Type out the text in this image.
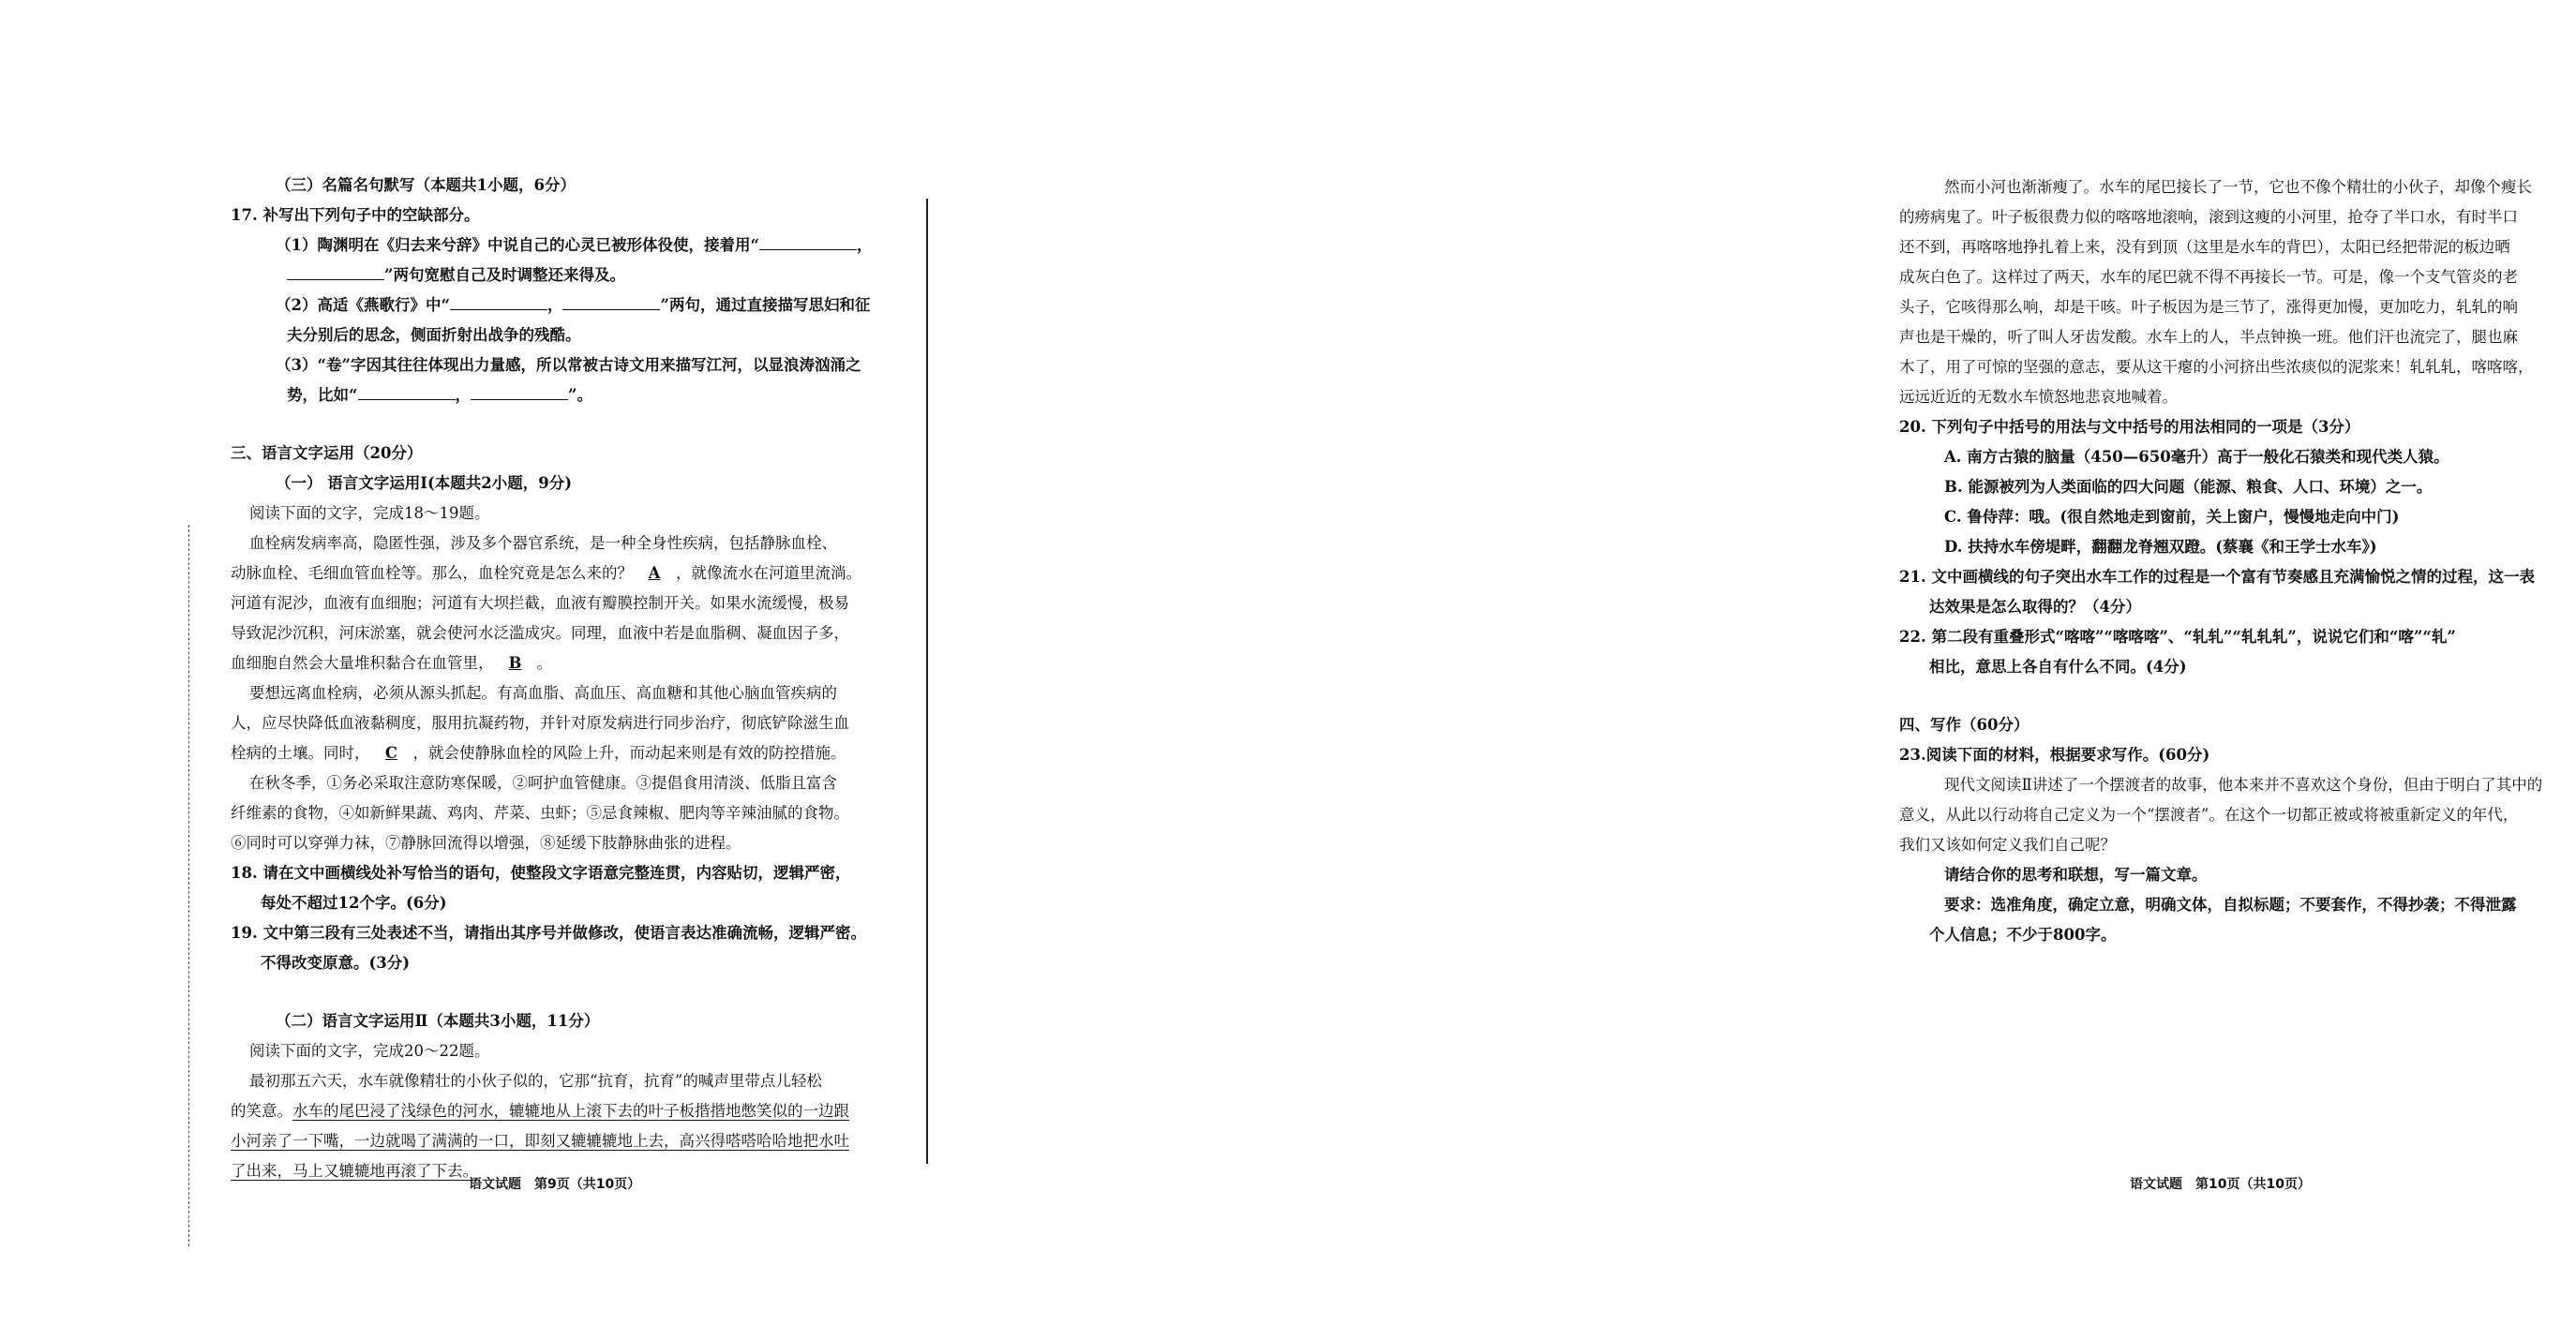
（三）名篇名句默写（本题共1小题，6分）
17. 补写出下列句子中的空缺部分。
（1）陶渊明在《归去来兮辞》中说自己的心灵已被形体役使，接着用“	，
”两句宽慰自己及时调整还来得及。
（2）高适《燕歌行》中“	，	”两句，通过直接描写思妇和征
夫分别后的思念，侧面折射出战争的残酷。
（3）“卷”字因其往往体现出力量感，所以常被古诗文用来描写江河，以显浪涛汹涌之
势，比如“	，	”。
三、语言文字运用（20分）
（一） 语言文字运用Ⅰ(本题共2小题，9分)
阅读下面的文字，完成18～19题。
血栓病发病率高，隐匿性强，涉及多个器官系统，是一种全身性疾病，包括静脉血栓、
动脉血栓、毛细血管血栓等。那么，血栓究竟是怎么来的？ A ，就像流水在河道里流淌。
河道有泥沙，血液有血细胞；河道有大坝拦截，血液有瓣膜控制开关。如果水流缓慢，极易
导致泥沙沉积，河床淤塞，就会使河水泛滥成灾。同理，血液中若是血脂稠、凝血因子多，
血细胞自然会大量堆积黏合在血管里， B 。
要想远离血栓病，必须从源头抓起。有高血脂、高血压、高血糖和其他心脑血管疾病的
人，应尽快降低血液黏稠度，服用抗凝药物，并针对原发病进行同步治疗，彻底铲除滋生血
栓病的土壤。同时， C ，就会使静脉血栓的风险上升，而动起来则是有效的防控措施。
在秋冬季，①务必采取注意防寒保暖，②呵护血管健康。③提倡食用清淡、低脂且富含
纤维素的食物，④如新鲜果蔬、鸡肉、芹菜、虫虾；⑤忌食辣椒、肥肉等辛辣油腻的食物。
⑥同时可以穿弹力袜，⑦静脉回流得以增强，⑧延缓下肢静脉曲张的进程。
18. 请在文中画横线处补写恰当的语句，使整段文字语意完整连贯，内容贴切，逻辑严密，
每处不超过12个字。(6分)
19. 文中第三段有三处表述不当，请指出其序号并做修改，使语言表达准确流畅，逻辑严密。
不得改变原意。(3分)
（二）语言文字运用Ⅱ（本题共3小题，11分）
阅读下面的文字，完成20～22题。
最初那五六天，水车就像精壮的小伙子似的，它那“抗育，抗育”的喊声里带点儿轻松
的笑意。水车的尾巴浸了浅绿色的河水，辘辘地从上滚下去的叶子板揩揩地憋笑似的一边跟
小河亲了一下嘴，一边就喝了满满的一口，即刻又辘辘辘地上去，高兴得嗒嗒哈哈地把水吐
了出来，马上又辘辘地再滚了下去。
语文试题　第9页（共10页）
然而小河也渐渐瘦了。水车的尾巴接长了一节，它也不像个精壮的小伙子，却像个瘦长
的痨病鬼了。叶子板很费力似的喀喀地滚响，滚到这瘦的小河里，抢夺了半口水，有时半口
还不到，再喀喀地挣扎着上来，没有到顶（这里是水车的背巴），太阳已经把带泥的板边晒
成灰白色了。这样过了两天，水车的尾巴就不得不再接长一节。可是，像一个支气管炎的老
头子，它咳得那么响，却是干咳。叶子板因为是三节了，涨得更加慢，更加吃力，轧轧的响
声也是干燥的，听了叫人牙齿发酸。水车上的人，半点钟换一班。他们汗也流完了，腿也麻
木了，用了可惊的坚强的意志，要从这干瘪的小河挤出些浓痰似的泥浆来！轧轧轧，喀喀喀，
远远近近的无数水车愤怒地悲哀地喊着。
20. 下列句子中括号的用法与文中括号的用法相同的一项是（3分）
A. 南方古猿的脑量（450—650毫升）高于一般化石猿类和现代类人猿。
B. 能源被列为人类面临的四大问题（能源、粮食、人口、环境）之一。
C. 鲁侍萍：哦。(很自然地走到窗前，关上窗户，慢慢地走向中门)
D. 扶持水车傍堤畔，翻翻龙脊翘双蹬。(蔡襄《和王学士水车》)
21. 文中画横线的句子突出水车工作的过程是一个富有节奏感且充满愉悦之情的过程，这一表
达效果是怎么取得的？（4分）
22. 第二段有重叠形式“喀喀”“喀喀喀”、“轧轧”“轧轧轧”，说说它们和“喀”“轧”
相比，意思上各自有什么不同。(4分)
四、写作（60分）
23.阅读下面的材料，根据要求写作。(60分)
现代文阅读Ⅱ讲述了一个摆渡者的故事，他本来并不喜欢这个身份，但由于明白了其中的
意义，从此以行动将自己定义为一个“摆渡者”。在这个一切都正被或将被重新定义的年代，
我们又该如何定义我们自己呢？
请结合你的思考和联想，写一篇文章。
要求：选准角度，确定立意，明确文体，自拟标题；不要套作，不得抄袭；不得泄露
个人信息；不少于800字。
语文试题　第10页（共10页）
